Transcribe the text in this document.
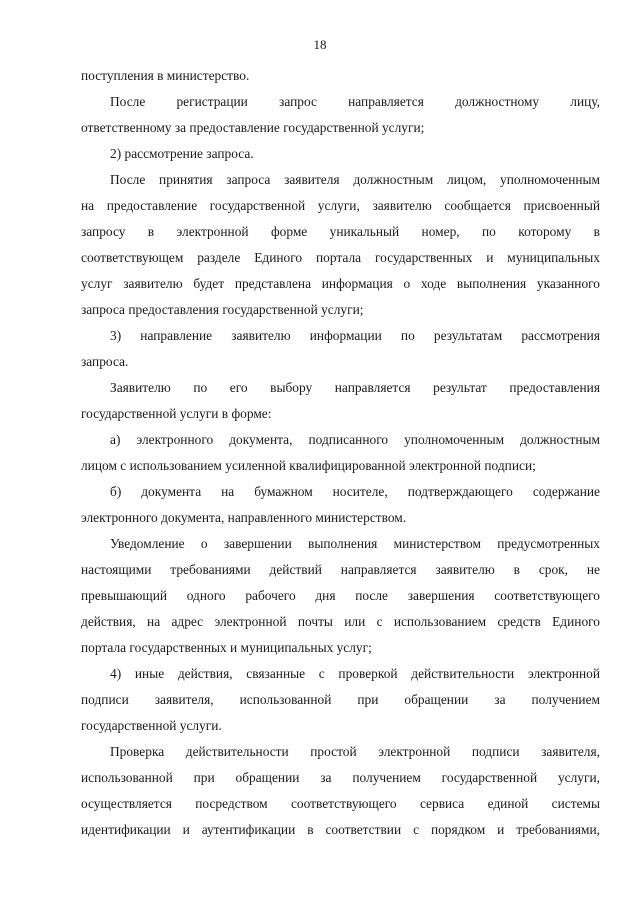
18
поступления в министерство.
После регистрации запрос направляется должностному лицу,
ответственному за предоставление государственной услуги;
2) рассмотрение запроса.
После принятия запроса заявителя должностным лицом, уполномоченным
на предоставление государственной услуги, заявителю сообщается присвоенный
запросу в электронной форме уникальный номер, по которому в
соответствующем разделе Единого портала государственных и муниципальных
услуг заявителю будет представлена информация о ходе выполнения указанного
запроса предоставления государственной услуги;
3) направление заявителю информации по результатам рассмотрения
запроса.
Заявителю по его выбору направляется результат предоставления
государственной услуги в форме:
а) электронного документа, подписанного уполномоченным должностным
лицом с использованием усиленной квалифицированной электронной подписи;
б) документа на бумажном носителе, подтверждающего содержание
электронного документа, направленного министерством.
Уведомление о завершении выполнения министерством предусмотренных
настоящими требованиями действий направляется заявителю в срок, не
превышающий одного рабочего дня после завершения соответствующего
действия, на адрес электронной почты или с использованием средств Единого
портала государственных и муниципальных услуг;
4) иные действия, связанные с проверкой действительности электронной
подписи заявителя, использованной при обращении за получением
государственной услуги.
Проверка действительности простой электронной подписи заявителя,
использованной при обращении за получением государственной услуги,
осуществляется посредством соответствующего сервиса единой системы
идентификации и аутентификации в соответствии с порядком и требованиями,
